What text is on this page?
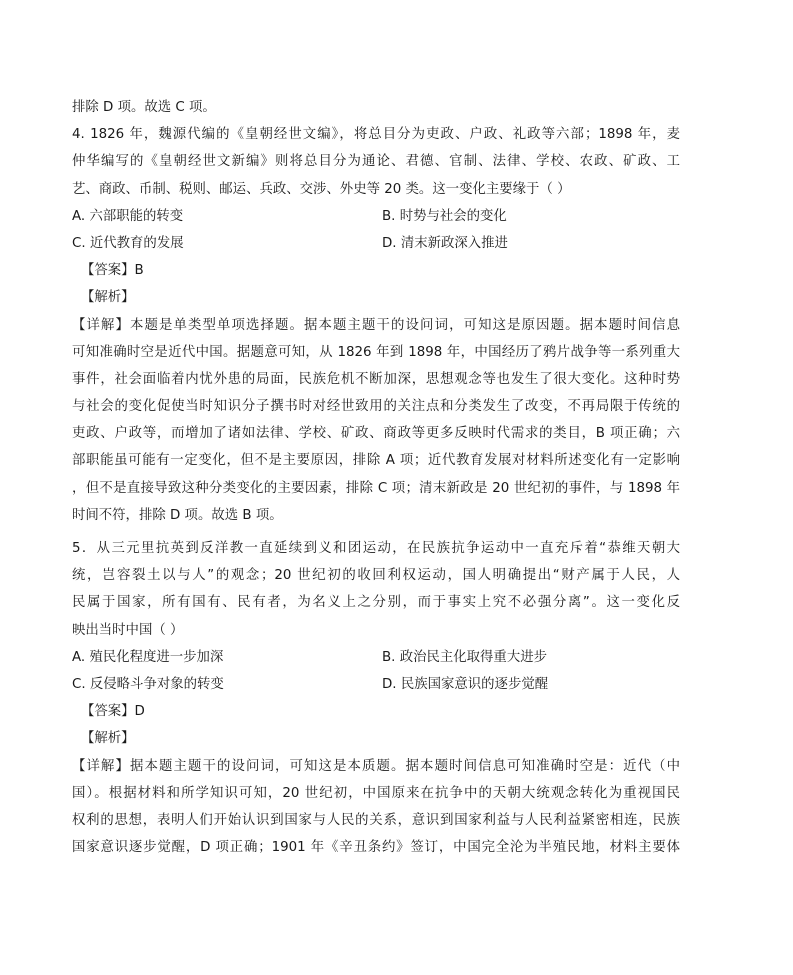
排除 D 项。故选 C 项。
4. 1826 年，魏源代编的《皇朝经世文编》，将总目分为吏政、户政、礼政等六部；1898 年，麦
仲华编写的《皇朝经世文新编》则将总目分为通论、君德、官制、法律、学校、农政、矿政、工
艺、商政、币制、税则、邮运、兵政、交涉、外史等 20 类。这一变化主要缘于（ ）
A. 六部职能的转变	B. 时势与社会的变化
C. 近代教育的发展	D. 清末新政深入推进
【答案】B
【解析】
【详解】本题是单类型单项选择题。据本题主题干的设问词，可知这是原因题。据本题时间信息
可知准确时空是近代中国。据题意可知，从 1826 年到 1898 年，中国经历了鸦片战争等一系列重大
事件，社会面临着内忧外患的局面，民族危机不断加深，思想观念等也发生了很大变化。这种时势
与社会的变化促使当时知识分子撰书时对经世致用的关注点和分类发生了改变，不再局限于传统的
吏政、户政等，而增加了诸如法律、学校、矿政、商政等更多反映时代需求的类目，B 项正确；六
部职能虽可能有一定变化，但不是主要原因，排除 A 项；近代教育发展对材料所述变化有一定影响
，但不是直接导致这种分类变化的主要因素，排除 C 项；清末新政是 20 世纪初的事件，与 1898 年
时间不符，排除 D 项。故选 B 项。
5．从三元里抗英到反洋教一直延续到义和团运动，在民族抗争运动中一直充斥着“恭维天朝大
统，岂容裂土以与人”的观念；20 世纪初的收回利权运动，国人明确提出“财产属于人民，人
民属于国家，所有国有、民有者，为名义上之分别，而于事实上究不必强分离”。这一变化反
映出当时中国（ ）
A. 殖民化程度进一步加深	B. 政治民主化取得重大进步
C. 反侵略斗争对象的转变	D. 民族国家意识的逐步觉醒
【答案】D
【解析】
【详解】据本题主题干的设问词，可知这是本质题。据本题时间信息可知准确时空是：近代（中
国）。根据材料和所学知识可知，20 世纪初，中国原来在抗争中的天朝大统观念转化为重视国民
权利的思想，表明人们开始认识到国家与人民的关系，意识到国家利益与人民利益紧密相连，民族
国家意识逐步觉醒，D 项正确；1901 年《辛丑条约》签订，中国完全沦为半殖民地，材料主要体
